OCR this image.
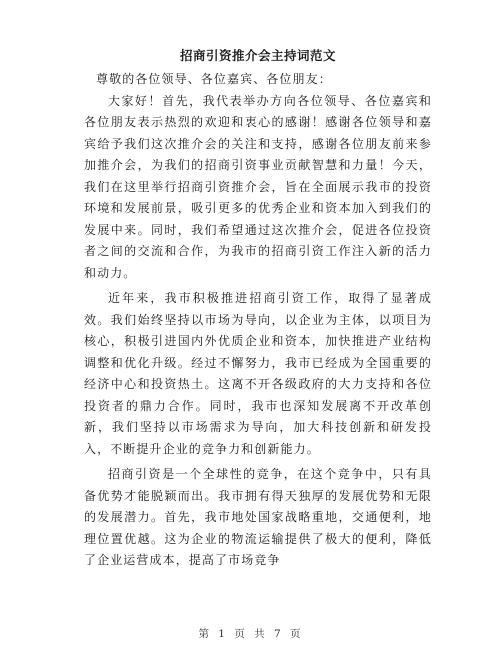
招商引资推介会主持词范文

尊敬的各位领导、各位嘉宾、各位朋友：

大家好！首先，我代表举办方向各位领导、各位嘉宾和各位朋友表示热烈的欢迎和衷心的感谢！感谢各位领导和嘉宾给予我们这次推介会的关注和支持，感谢各位朋友前来参加推介会，为我们的招商引资事业贡献智慧和力量！今天，我们在这里举行招商引资推介会，旨在全面展示我市的投资环境和发展前景，吸引更多的优秀企业和资本加入到我们的发展中来。同时，我们希望通过这次推介会，促进各位投资者之间的交流和合作，为我市的招商引资工作注入新的活力和动力。

近年来，我市积极推进招商引资工作，取得了显著成效。我们始终坚持以市场为导向，以企业为主体，以项目为核心，积极引进国内外优质企业和资本，加快推进产业结构调整和优化升级。经过不懈努力，我市已经成为全国重要的经济中心和投资热土。这离不开各级政府的大力支持和各位投资者的鼎力合作。同时，我市也深知发展离不开改革创新，我们坚持以市场需求为导向，加大科技创新和研发投入，不断提升企业的竞争力和创新能力。

招商引资是一个全球性的竞争，在这个竞争中，只有具备优势才能脱颖而出。我市拥有得天独厚的发展优势和无限的发展潜力。首先，我市地处国家战略重地，交通便利，地理位置优越。这为企业的物流运输提供了极大的便利，降低了企业运营成本，提高了市场竞争

第 1 页 共 7 页
